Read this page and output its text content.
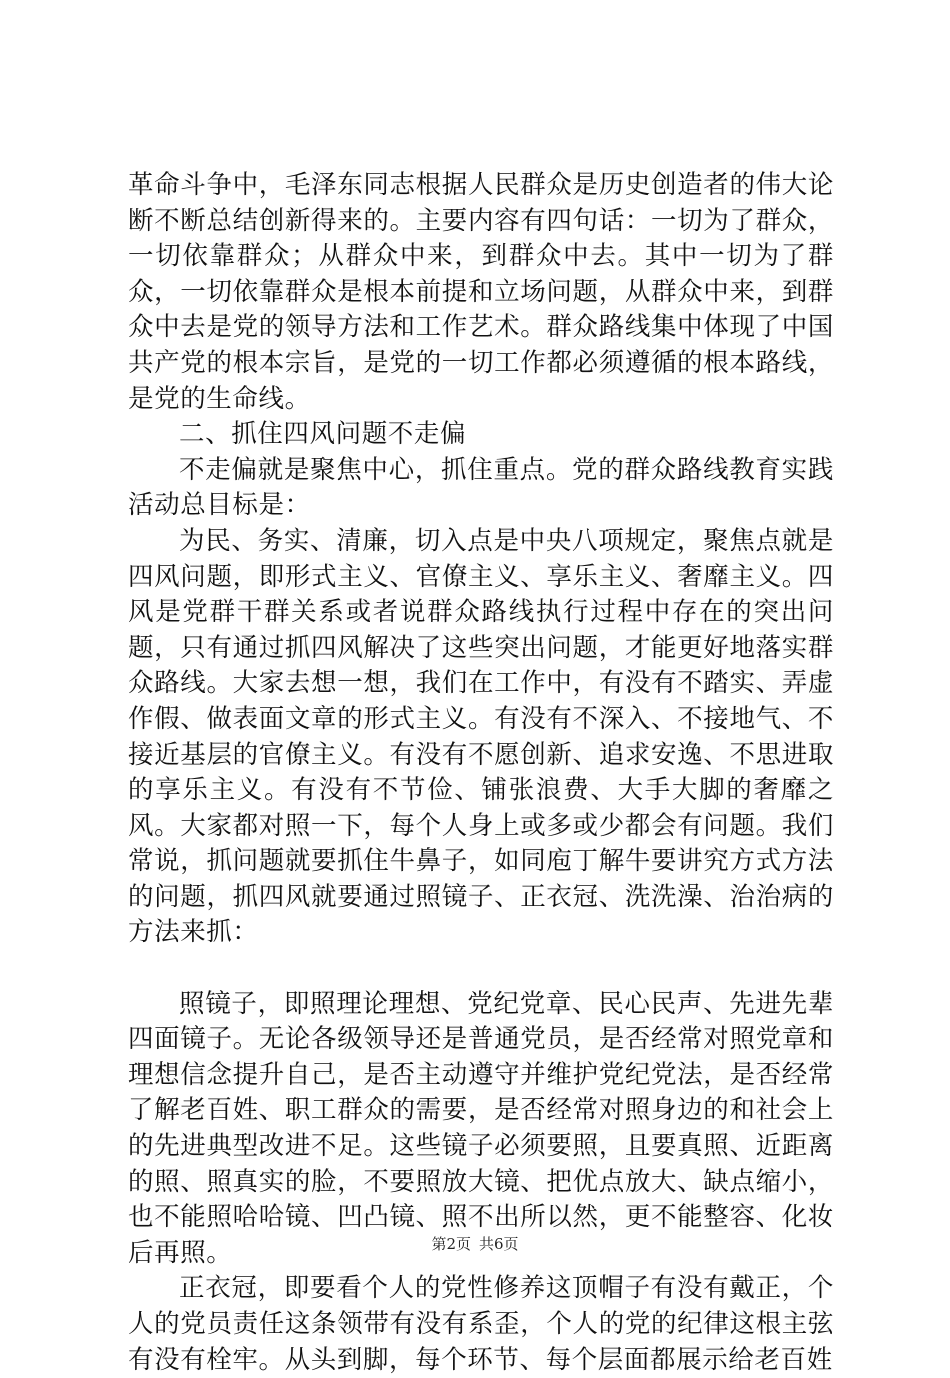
革命斗争中，毛泽东同志根据人民群众是历史创造者的伟大论断不断总结创新得来的。主要内容有四句话：一切为了群众，一切依靠群众；从群众中来，到群众中去。其中一切为了群众，一切依靠群众是根本前提和立场问题，从群众中来，到群众中去是党的领导方法和工作艺术。群众路线集中体现了中国共产党的根本宗旨，是党的一切工作都必须遵循的根本路线，是党的生命线。

二、抓住四风问题不走偏

不走偏就是聚焦中心，抓住重点。党的群众路线教育实践活动总目标是：

为民、务实、清廉，切入点是中央八项规定，聚焦点就是四风问题，即形式主义、官僚主义、享乐主义、奢靡主义。四风是党群干群关系或者说群众路线执行过程中存在的突出问题，只有通过抓四风解决了这些突出问题，才能更好地落实群众路线。大家去想一想，我们在工作中，有没有不踏实、弄虚作假、做表面文章的形式主义。有没有不深入、不接地气、不接近基层的官僚主义。有没有不愿创新、追求安逸、不思进取的享乐主义。有没有不节俭、铺张浪费、大手大脚的奢靡之风。大家都对照一下，每个人身上或多或少都会有问题。我们常说，抓问题就要抓住牛鼻子，如同庖丁解牛要讲究方式方法的问题，抓四风就要通过照镜子、正衣冠、洗洗澡、治治病的方法来抓：

照镜子，即照理论理想、党纪党章、民心民声、先进先辈四面镜子。无论各级领导还是普通党员，是否经常对照党章和理想信念提升自己，是否主动遵守并维护党纪党法，是否经常了解老百姓、职工群众的需要，是否经常对照身边的和社会上的先进典型改进不足。这些镜子必须要照，且要真照、近距离的照、照真实的脸，不要照放大镜、把优点放大、缺点缩小，也不能照哈哈镜、凹凸镜、照不出所以然，更不能整容、化妆后再照。

正衣冠，即要看个人的党性修养这顶帽子有没有戴正，个人的党员责任这条领带有没有系歪，个人的党的纪律这根主弦有没有栓牢。从头到脚，每个环节、每个层面都展示给老百姓

第2页 共6页
